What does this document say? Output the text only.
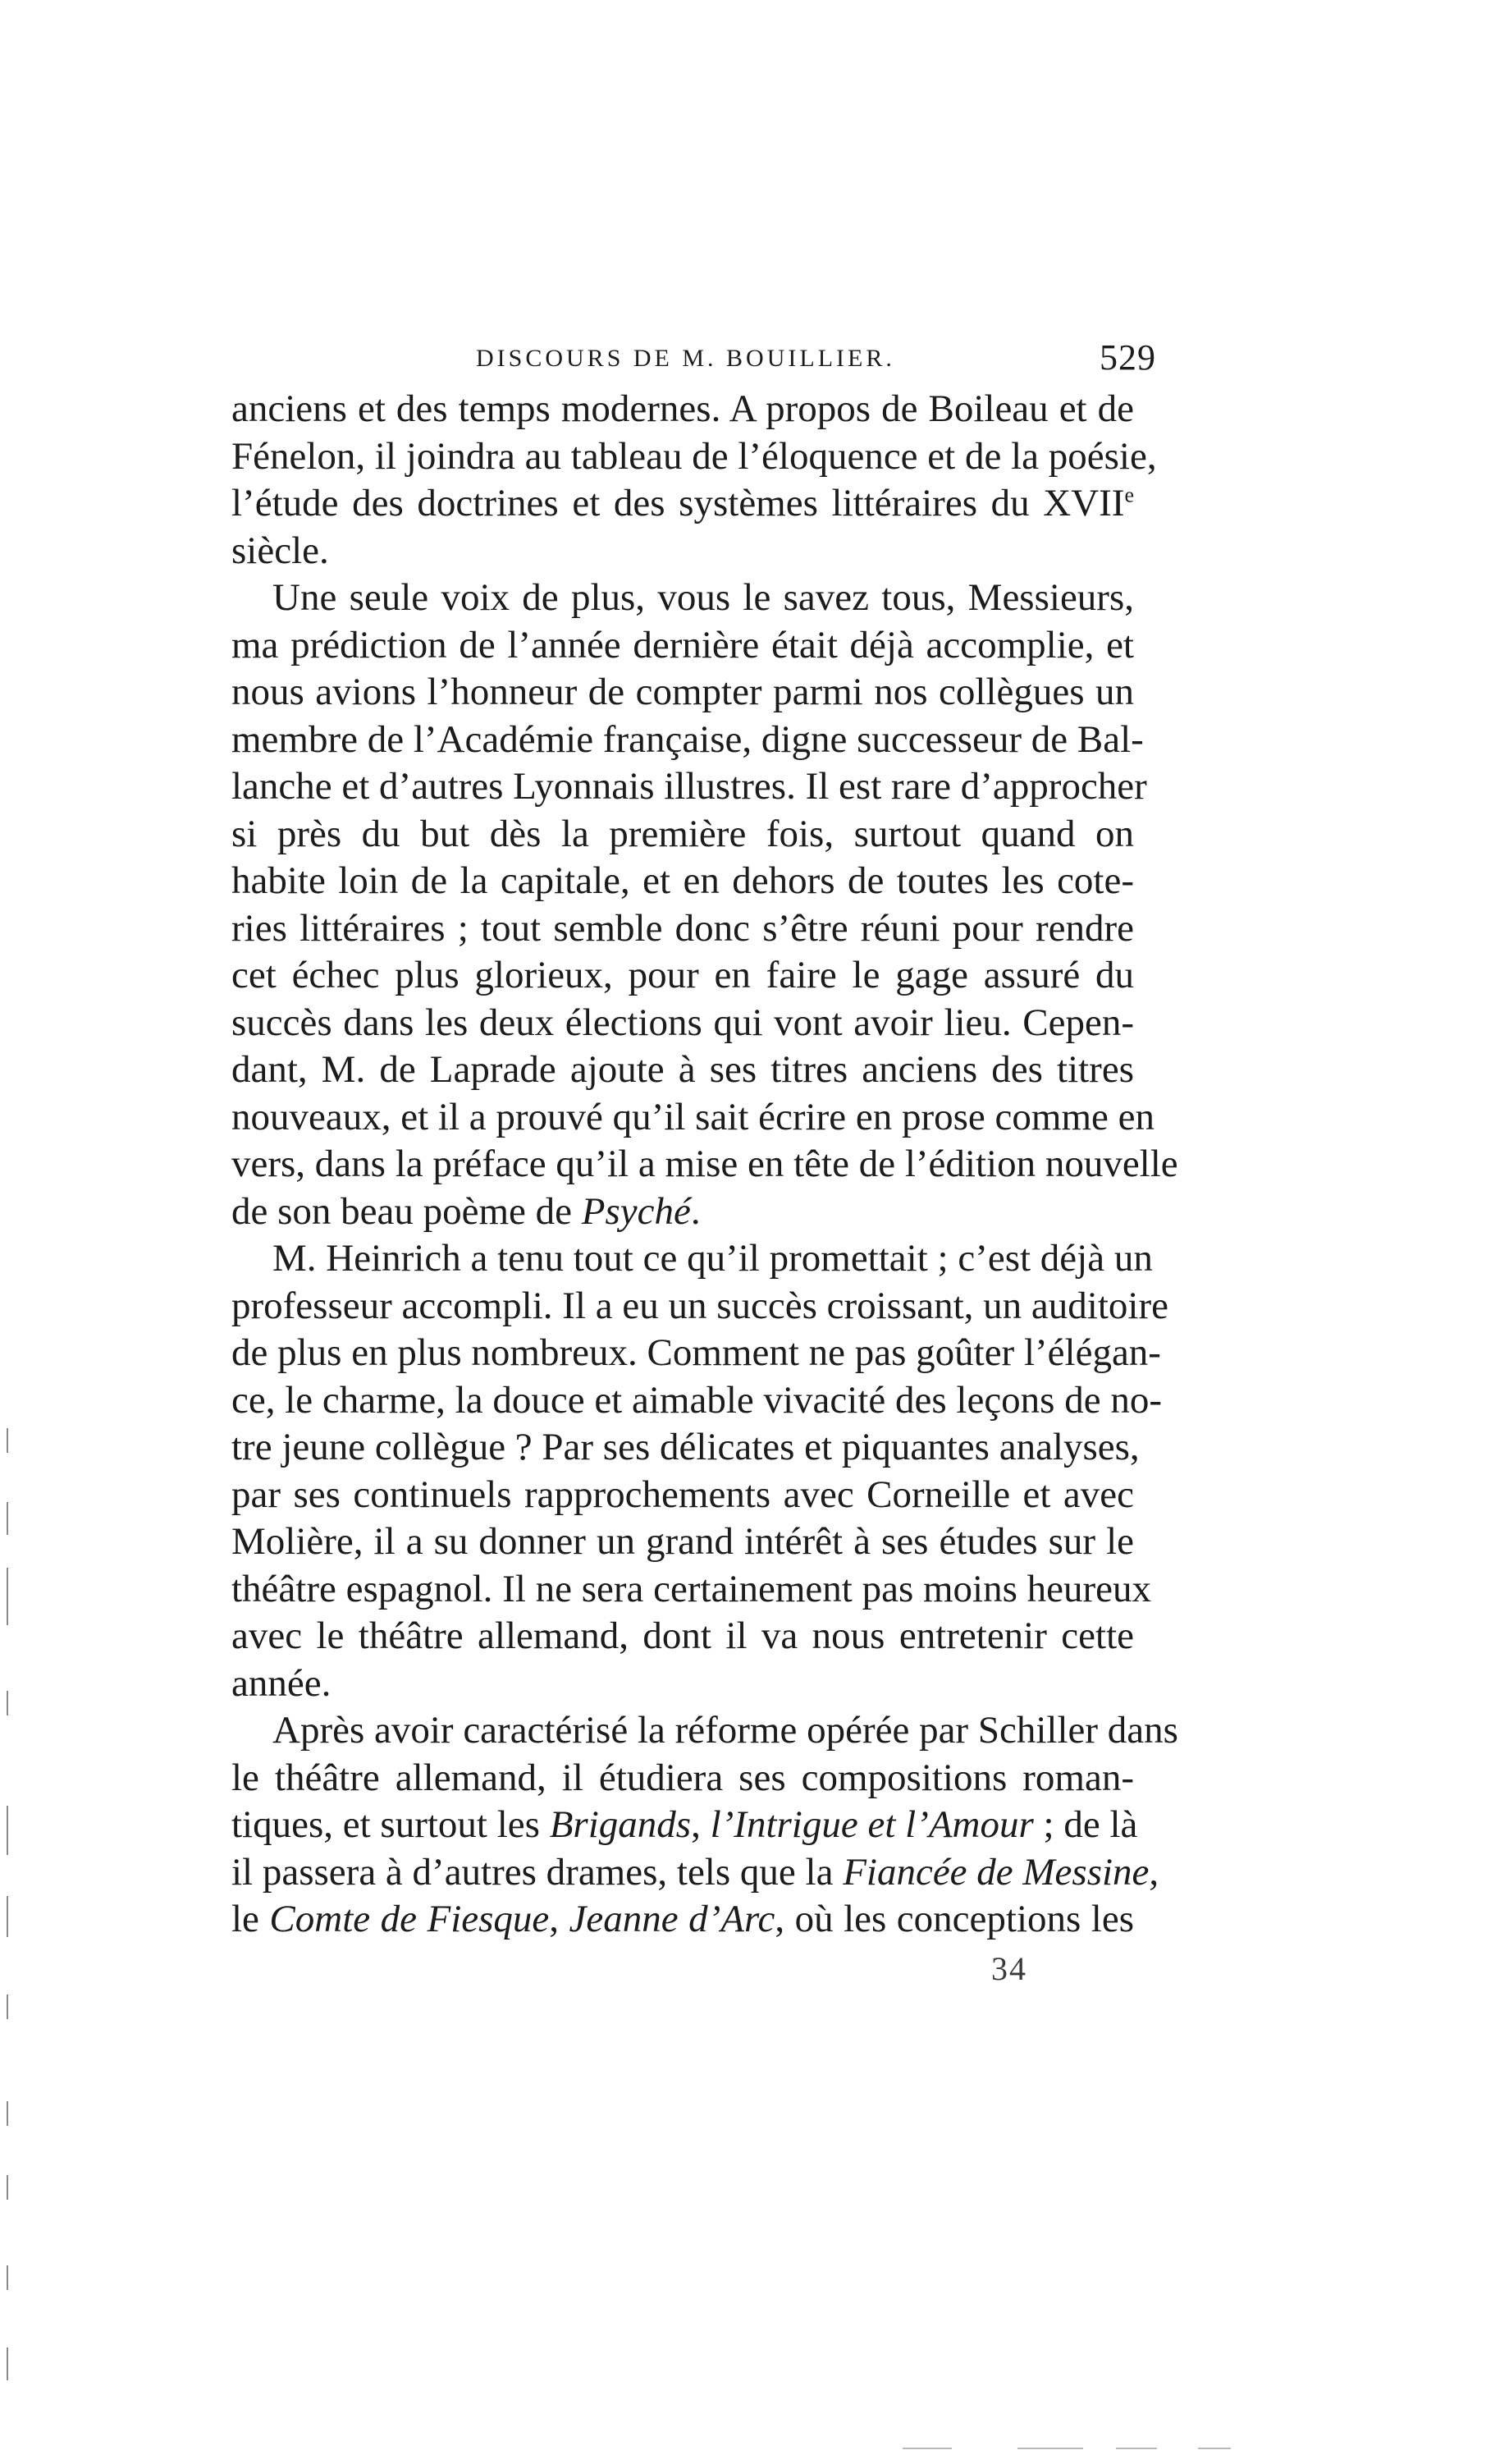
DISCOURS DE M. BOUILLIER.	529
anciens et des temps modernes. A propos de Boileau et de
Fénelon, il joindra au tableau de l’éloquence et de la poésie,
l’étude des doctrines et des systèmes littéraires du XVIIe
siècle.
Une seule voix de plus, vous le savez tous, Messieurs,
ma prédiction de l’année dernière était déjà accomplie, et
nous avions l’honneur de compter parmi nos collègues un
membre de l’Académie française, digne successeur de Bal-
lanche et d’autres Lyonnais illustres. Il est rare d’approcher
si près du but dès la première fois, surtout quand on
habite loin de la capitale, et en dehors de toutes les cote-
ries littéraires ; tout semble donc s’être réuni pour rendre
cet échec plus glorieux, pour en faire le gage assuré du
succès dans les deux élections qui vont avoir lieu. Cepen-
dant, M. de Laprade ajoute à ses titres anciens des titres
nouveaux, et il a prouvé qu’il sait écrire en prose comme en
vers, dans la préface qu’il a mise en tête de l’édition nouvelle
de son beau poème de Psyché.
M. Heinrich a tenu tout ce qu’il promettait ; c’est déjà un
professeur accompli. Il a eu un succès croissant, un auditoire
de plus en plus nombreux. Comment ne pas goûter l’élégan-
ce, le charme, la douce et aimable vivacité des leçons de no-
tre jeune collègue ? Par ses délicates et piquantes analyses,
par ses continuels rapprochements avec Corneille et avec
Molière, il a su donner un grand intérêt à ses études sur le
théâtre espagnol. Il ne sera certainement pas moins heureux
avec le théâtre allemand, dont il va nous entretenir cette
année.
Après avoir caractérisé la réforme opérée par Schiller dans
le théâtre allemand, il étudiera ses compositions roman-
tiques, et surtout les Brigands, l’Intrigue et l’Amour ; de là
il passera à d’autres drames, tels que la Fiancée de Messine,
le Comte de Fiesque, Jeanne d’Arc, où les conceptions les
34
